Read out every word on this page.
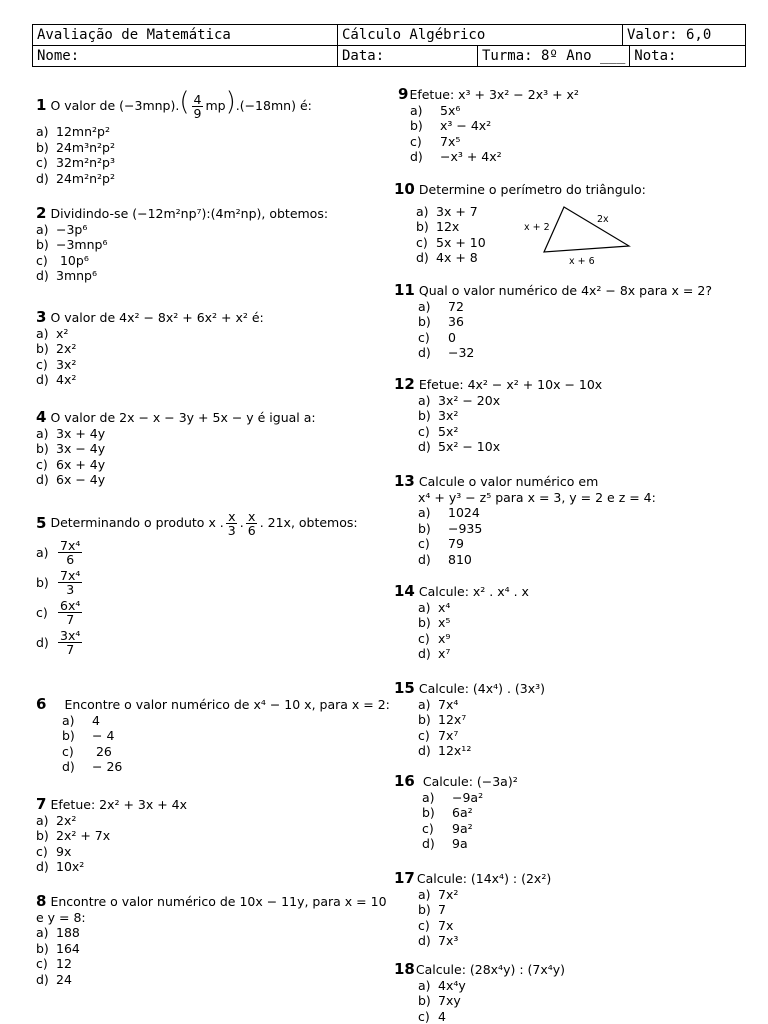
Avaliação de Matemática	Cálculo Algébrico	Valor: 6,0
Nome:	Data:	Turma: 8º Ano ___	Nota:
1 O valor de $(-3mnp).( \frac{4}{9} mp).(-18mn)$ é:
a) 12mn²p²
b) 24m³n²p²
c) 32m²n²p³
d) 24m²n²p²
2 Dividindo-se (−12m²np⁷):(4m²np), obtemos:
a) −3p⁶
b) −3mnp⁶
c) 10p⁶
d) 3mnp⁶
3 O valor de 4x² − 8x² + 6x² + x² é:
a) x²
b) 2x²
c) 3x²
d) 4x²
4 O valor de 2x − x − 3y + 5x − y é igual a:
a) 3x + 4y
b) 3x − 4y
c) 6x + 4y
d) 6x − 4y
5 Determinando o produto x . $\frac{x}{3}$ . $\frac{x}{6}$ . 21x, obtemos:
$a) \frac{\text{7x⁴}}{6}$
$b) \frac{\text{7x⁴}}{3}$
$c) \frac{\text{6x⁴}}{7}$
$d) \frac{\text{3x⁴}}{7}$
6 Encontre o valor numérico de x⁴ − 10 x, para x = 2:
a)	4
b)	− 4
c)	26
d)	− 26
7 Efetue: 2x² + 3x + 4x
a) 2x²
b) 2x² + 7x
c) 9x
d) 10x²
8 Encontre o valor numérico de 10x − 11y, para x = 10
e y = 8:
a) 188
b) 164
c) 12
d) 24
9 Efetue: x³ + 3x² − 2x³ + x²
a)	5x⁶
b)	x³ − 4x²
c)	7x⁵
d)	−x³ + 4x²
10 Determine o perímetro do triângulo:
a) 3x + 7
b) 12x
c) 5x + 10
d) 4x + 8
x + 2
2x
x + 6
11 Qual o valor numérico de 4x² − 8x para x = 2?
a)	72
b)	36
c)	0
d)	−32
12 Efetue: 4x² − x² + 10x − 10x
a) 3x² − 20x
b) 3x²
c) 5x²
d) 5x² − 10x
13 Calcule o valor numérico em
x⁴ + y³ − z⁵ para x = 3, y = 2 e z = 4:
a)	1024
b)	−935
c)	79
d)	810
14 Calcule: x² . x⁴ . x
a) x⁴
b) x⁵
c) x⁹
d) x⁷
15 Calcule: (4x⁴) . (3x³)
a) 7x⁴
b) 12x⁷
c) 7x⁷
d) 12x¹²
16 Calcule: (−3a)²
a)	−9a²
b)	6a²
c)	9a²
d)	9a
17 Calcule: (14x⁴) : (2x²)
a) 7x²
b) 7
c) 7x
d) 7x³
18 Calcule: (28x⁴y) : (7x⁴y)
a) 4x⁴y
b) 7xy
c) 4
